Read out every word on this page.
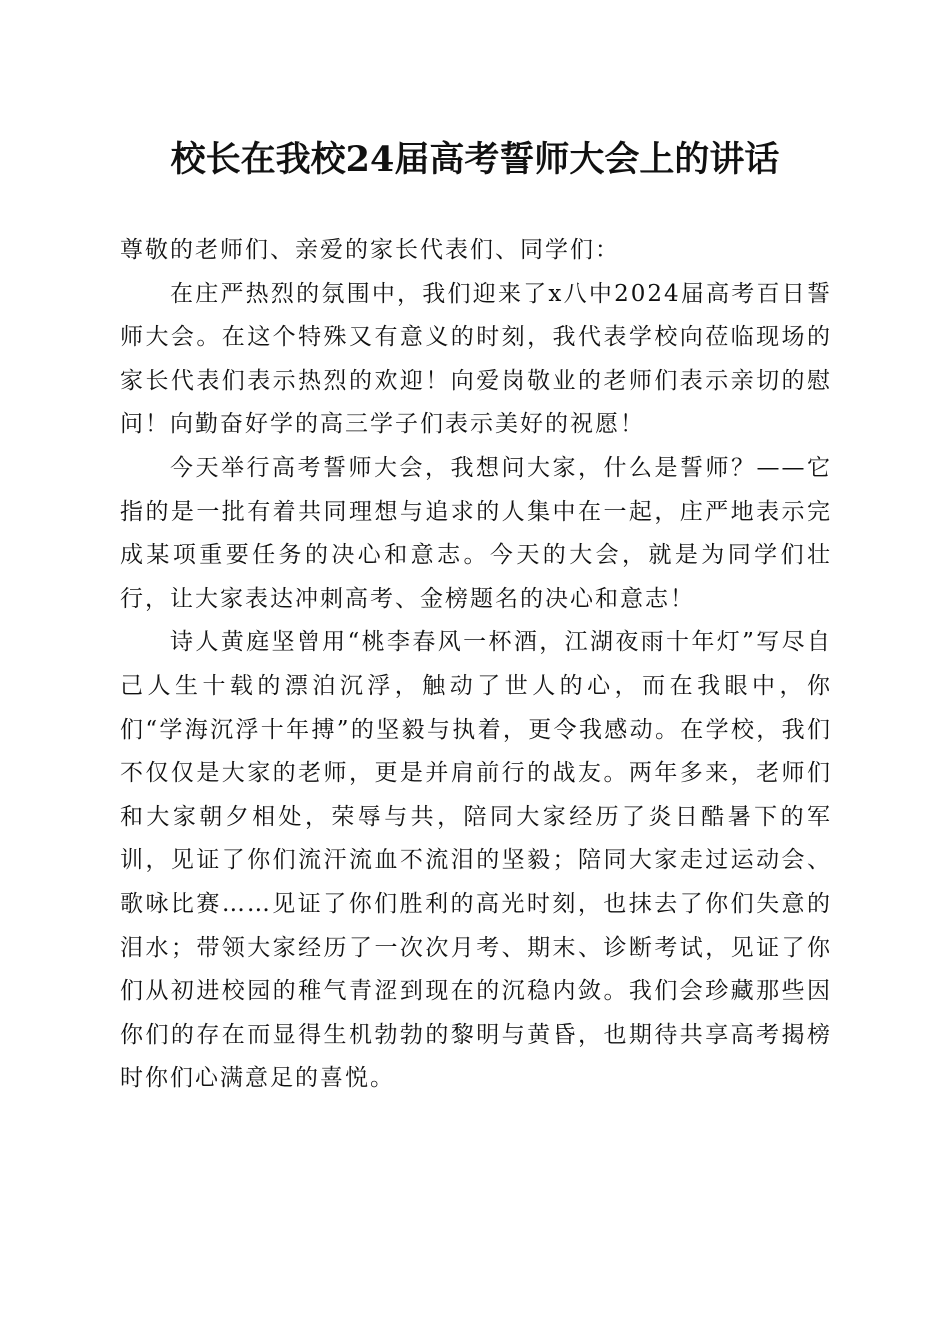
校长在我校24届高考誓师大会上的讲话

尊敬的老师们、亲爱的家长代表们、同学们：

在庄严热烈的氛围中，我们迎来了x八中2024届高考百日誓师大会。在这个特殊又有意义的时刻，我代表学校向莅临现场的家长代表们表示热烈的欢迎！向爱岗敬业的老师们表示亲切的慰问！向勤奋好学的高三学子们表示美好的祝愿！

今天举行高考誓师大会，我想问大家，什么是誓师？——它指的是一批有着共同理想与追求的人集中在一起，庄严地表示完成某项重要任务的决心和意志。今天的大会，就是为同学们壮行，让大家表达冲刺高考、金榜题名的决心和意志！

诗人黄庭坚曾用“桃李春风一杯酒，江湖夜雨十年灯”写尽自己人生十载的漂泊沉浮，触动了世人的心，而在我眼中，你们“学海沉浮十年搏”的坚毅与执着，更令我感动。在学校，我们不仅仅是大家的老师，更是并肩前行的战友。两年多来，老师们和大家朝夕相处，荣辱与共，陪同大家经历了炎日酷暑下的军训，见证了你们流汗流血不流泪的坚毅；陪同大家走过运动会、歌咏比赛……见证了你们胜利的高光时刻，也抹去了你们失意的泪水；带领大家经历了一次次月考、期末、诊断考试，见证了你们从初进校园的稚气青涩到现在的沉稳内敛。我们会珍藏那些因你们的存在而显得生机勃勃的黎明与黄昏，也期待共享高考揭榜时你们心满意足的喜悦。
